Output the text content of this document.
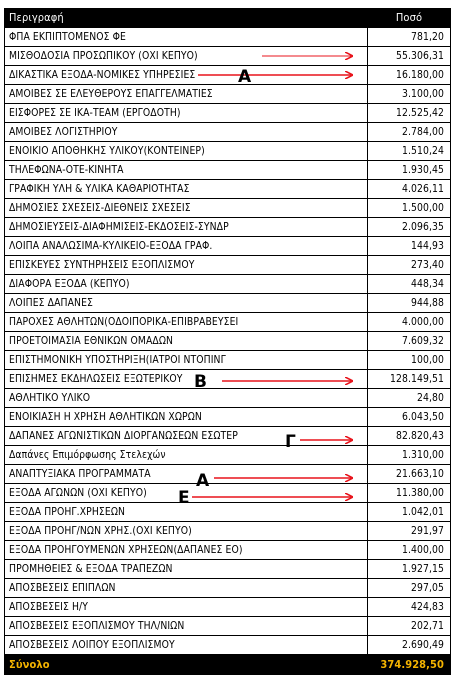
Περιγραφή	Ποσό
ΦΠΑ ΕΚΠΙΠΤΟΜΕΝΟΣ ΦΕ	781,20
ΜΙΣΘΟΔΟΣΙΑ ΠΡΟΣΩΠΙΚΟΥ (ΟΧΙ ΚΕΠΥΟ)	55.306,31
ΔΙΚΑΣΤΙΚΑ ΕΞΟΔΑ-ΝΟΜΙΚΕΣ ΥΠΗΡΕΣΙΕΣ	16.180,00
ΑΜΟΙΒΕΣ ΣΕ ΕΛΕΥΘΕΡΟΥΣ ΕΠΑΓΓΕΛΜΑΤΙΕΣ	3.100,00
ΕΙΣΦΟΡΕΣ ΣΕ ΙΚΑ-TEAM (ΕΡΓΟΔΟΤΗ)	12.525,42
ΑΜΟΙΒΕΣ ΛΟΓΙΣΤΗΡΙΟΥ	2.784,00
ΕΝΟΙΚΙΟ ΑΠΟΘΗΚΗΣ ΥΛΙΚΟΥ(ΚΟΝΤΕΙΝΕΡ)	1.510,24
ΤΗΛΕΦΩΝΑ-ΟΤΕ-ΚΙΝΗΤΑ	1.930,45
ΓΡΑΦΙΚΗ ΥΛΗ & ΥΛΙΚΑ ΚΑΘΑΡΙΟΤΗΤΑΣ	4.026,11
ΔΗΜΟΣΙΕΣ ΣΧΕΣΕΙΣ-ΔΙΕΘΝΕΙΣ ΣΧΕΣΕΙΣ	1.500,00
ΔΗΜΟΣΙΕΥΣΕΙΣ-ΔΙΑΦΗΜΙΣΕΙΣ-ΕΚΔΟΣΕΙΣ-ΣΥΝΔΡ	2.096,35
ΛΟΙΠΑ ΑΝΑΛΩΣΙΜΑ-ΚΥΛΙΚΕΙΟ-ΕΞΟΔΑ ΓΡΑΦ.	144,93
ΕΠΙΣΚΕΥΕΣ ΣΥΝΤΗΡΗΣΕΙΣ ΕΞΟΠΛΙΣΜΟΥ	273,40
ΔΙΑΦΟΡΑ ΕΞΟΔΑ (ΚΕΠΥΟ)	448,34
ΛΟΙΠΕΣ ΔΑΠΑΝΕΣ	944,88
ΠΑΡΟΧΕΣ ΑΘΛΗΤΩΝ(ΟΔΟΙΠΟΡΙΚΑ-ΕΠΙΒΡΑΒΕΥΣΕΙ	4.000,00
ΠΡΟΕΤΟΙΜΑΣΙΑ ΕΘΝΙΚΩΝ ΟΜΑΔΩΝ	7.609,32
ΕΠΙΣΤΗΜΟΝΙΚΗ ΥΠΟΣΤΗΡΙΞΗ(ΙΑΤΡΟΙ ΝΤΟΠΙΝΓ	100,00
ΕΠΙΣΗΜΕΣ ΕΚΔΗΛΩΣΕΙΣ ΕΞΩΤΕΡΙΚΟΥ	128.149,51
ΑΘΛΗΤΙΚΟ ΥΛΙΚΟ	24,80
ΕΝΟΙΚΙΑΣΗ Η ΧΡΗΣΗ ΑΘΛΗΤΙΚΩΝ ΧΩΡΩΝ	6.043,50
ΔΑΠΑΝΕΣ ΑΓΩΝΙΣΤΙΚΩΝ ΔΙΟΡΓΑΝΩΣΕΩΝ ΕΣΩΤΕΡ	82.820,43
Δαπάνες Επιμόρφωσης Στελεχών	1.310,00
ΑΝΑΠΤΥΞΙΑΚΑ ΠΡΟΓΡΑΜΜΑΤΑ	21.663,10
ΕΞΟΔΑ ΑΓΩΝΩΝ (ΟΧΙ ΚΕΠΥΟ)	11.380,00
ΕΞΟΔΑ ΠΡΟΗΓ.ΧΡΗΣΕΩΝ	1.042,01
ΕΞΟΔΑ ΠΡΟΗΓ/ΝΩΝ ΧΡΗΣ.(ΟΧΙ ΚΕΠΥΟ)	291,97
ΕΞΟΔΑ ΠΡΟΗΓΟΥΜΕΝΩΝ ΧΡΗΣΕΩΝ(ΔΑΠΑΝΕΣ ΕΟ)	1.400,00
ΠΡΟΜΗΘΕΙΕΣ & ΕΞΟΔΑ ΤΡΑΠΕΖΩΝ	1.927,15
ΑΠΟΣΒΕΣΕΙΣ ΕΠΙΠΛΩΝ	297,05
ΑΠΟΣΒΕΣΕΙΣ Η/Υ	424,83
ΑΠΟΣΒΕΣΕΙΣ ΕΞΟΠΛΙΣΜΟΥ ΤΗΛ/ΝΙΩΝ	202,71
ΑΠΟΣΒΕΣΕΙΣ ΛΟΙΠΟΥ ΕΞΟΠΛΙΣΜΟΥ	2.690,49
Σύνολο	374.928,50
Α
Β
Γ
Α
Ε
